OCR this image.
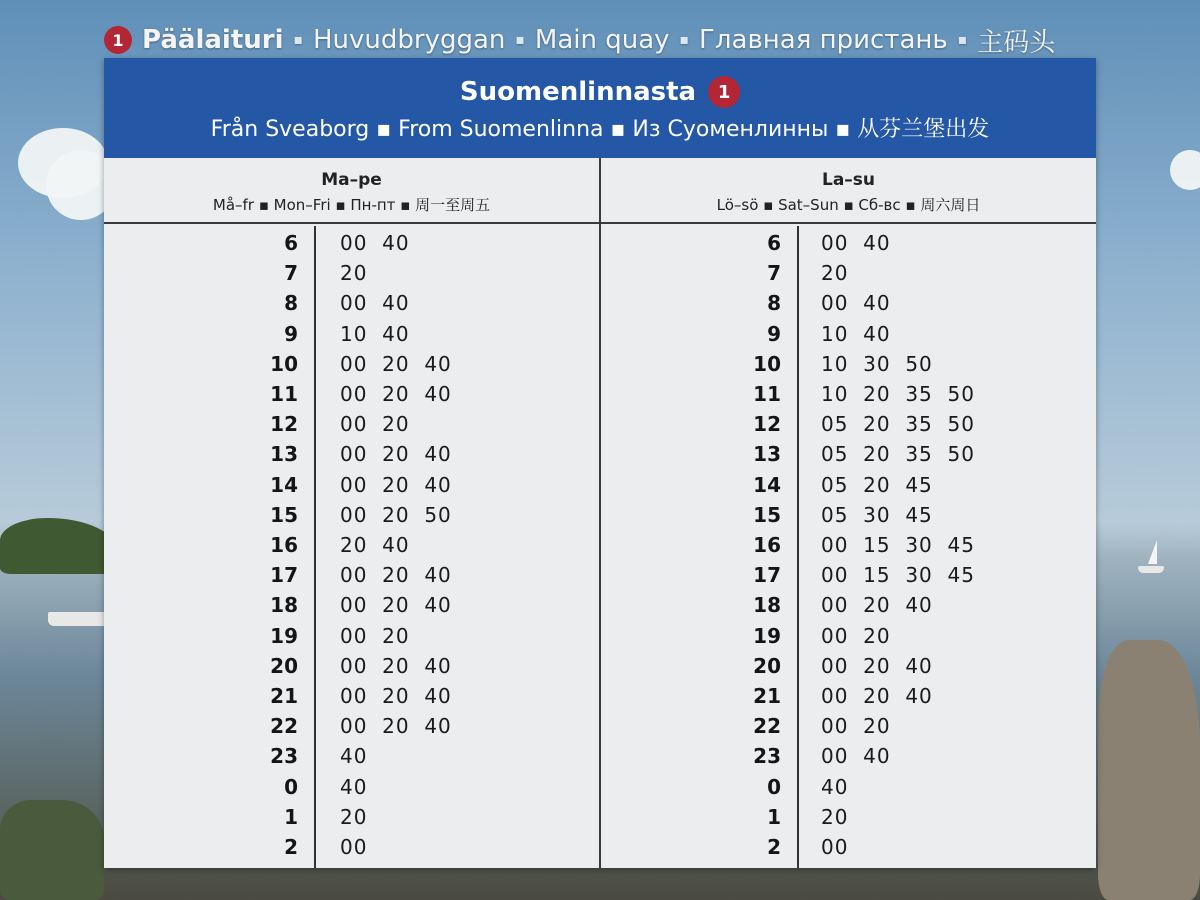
1 Päälaituri ▪ Huvudbryggan ▪ Main quay ▪ Главная пристань ▪ 主码头
Suomenlinnasta	1
Från Sveaborg ▪ From Suomenlinna ▪ Из Суоменлинны ▪ 从芬兰堡出发
Ma–pe
Må–fr ▪ Mon–Fri ▪ Пн-пт ▪ 周一至周五
6 00  40
7 20
8 00  40
9 10  40
10 00  20  40
11 00  20  40
12 00  20
13 00  20  40
14 00  20  40
15 00  20  50
16 20  40
17 00  20  40
18 00  20  40
19 00  20
20 00  20  40
21 00  20  40
22 00  20  40
23 40
0 40
1 20
2 00
La–su
Lö–sö ▪ Sat–Sun ▪ Сб-вс ▪ 周六周日
6 00  40
7 20
8 00  40
9 10  40
10 10  30  50
11 10  20  35  50
12 05  20  35  50
13 05  20  35  50
14 05  20  45
15 05  30  45
16 00  15  30  45
17 00  15  30  45
18 00  20  40
19 00  20
20 00  20  40
21 00  20  40
22 00  20
23 00  40
0 40
1 20
2 00
